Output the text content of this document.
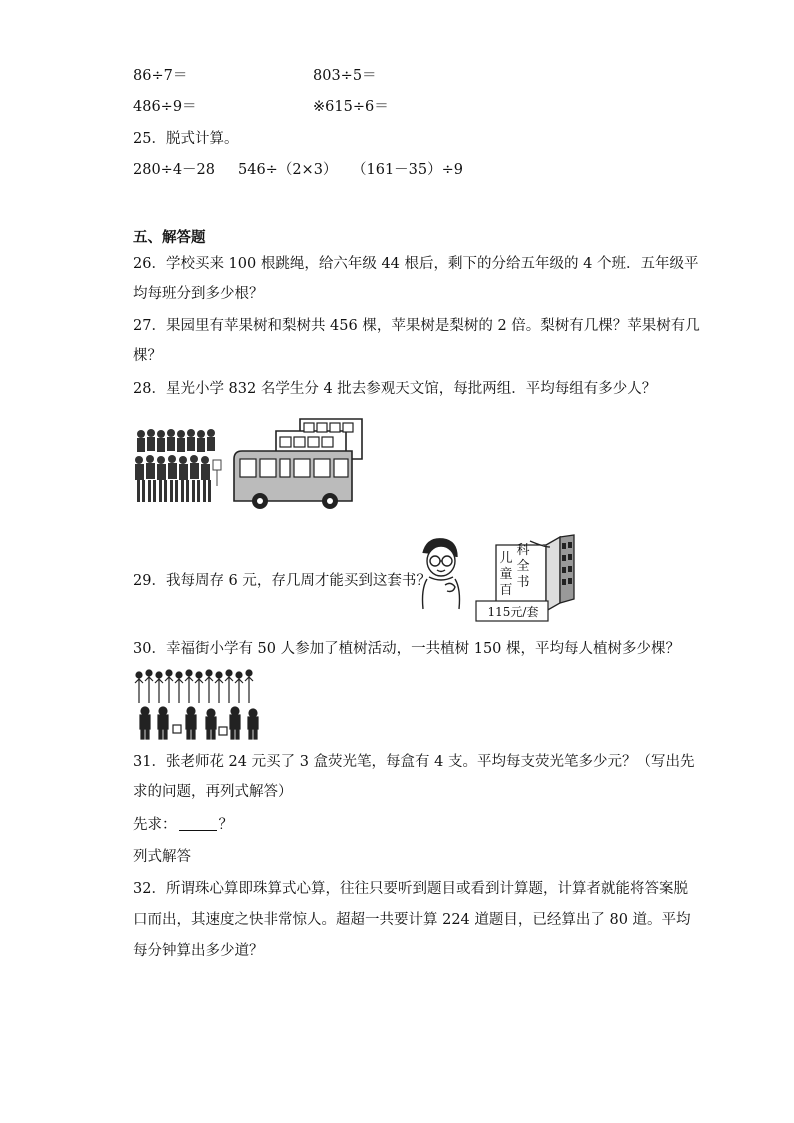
86÷7＝	803÷5＝
486÷9＝	※615÷6＝
25．脱式计算。
280÷4－28 546÷（2×3） （161－35）÷9
五、解答题
26．学校买来 100 根跳绳，给六年级 44 根后，剩下的分给五年级的 4 个班．五年级平
均每班分到多少根？
27．果园里有苹果树和梨树共 456 棵，苹果树是梨树的 2 倍。梨树有几棵？苹果树有几
棵？
28．星光小学 832 名学生分 4 批去参观天文馆，每批两组．平均每组有多少人？
29．我每周存 6 元，存几周才能买到这套书？
儿
童
百
科
全
书
115元/套
30．幸福街小学有 50 人参加了植树活动，一共植树 150 棵，平均每人植树多少棵？
31．张老师花 24 元买了 3 盒荧光笔，每盒有 4 支。平均每支荧光笔多少元？（写出先
求的问题，再列式解答）
先求：	？
列式解答
32．所谓珠心算即珠算式心算，往往只要听到题目或看到计算题，计算者就能将答案脱
口而出，其速度之快非常惊人。超超一共要计算 224 道题目，已经算出了 80 道。平均
每分钟算出多少道？
